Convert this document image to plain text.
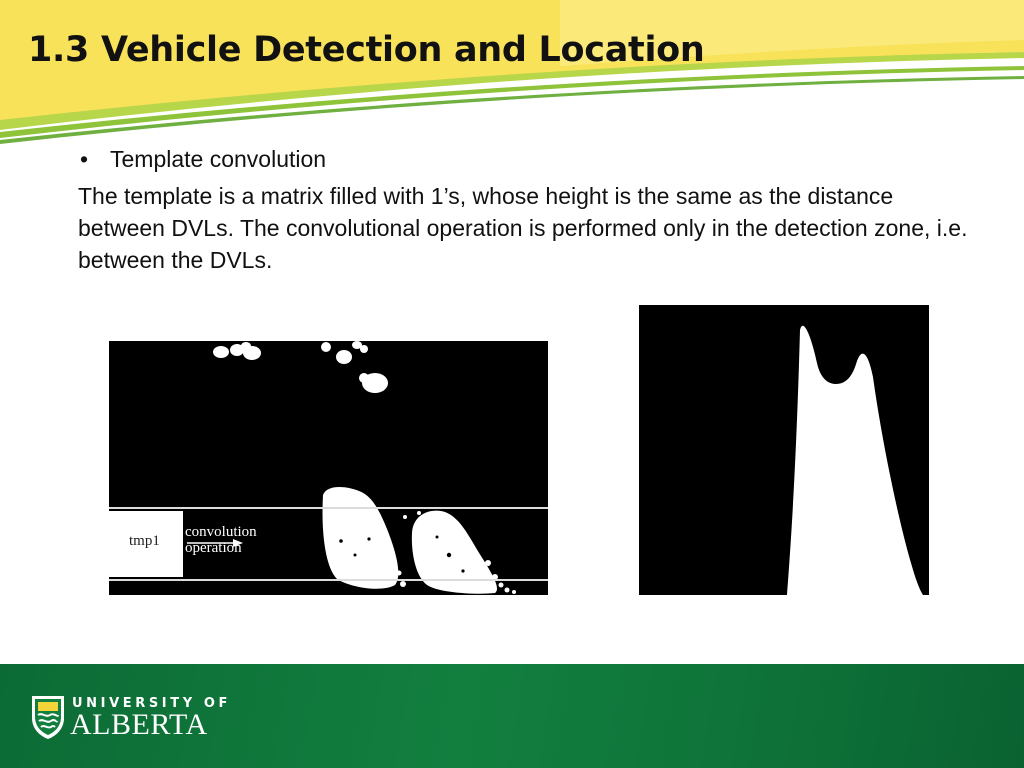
1.3 Vehicle Detection and Location
• Template convolution

The template is a matrix filled with 1’s, whose height is the same as the distance between DVLs. The convolutional operation is performed only in the detection zone, i.e. between the DVLs.

tmp1
convolution
operation
UNIVERSITY OF
ALBERTA
